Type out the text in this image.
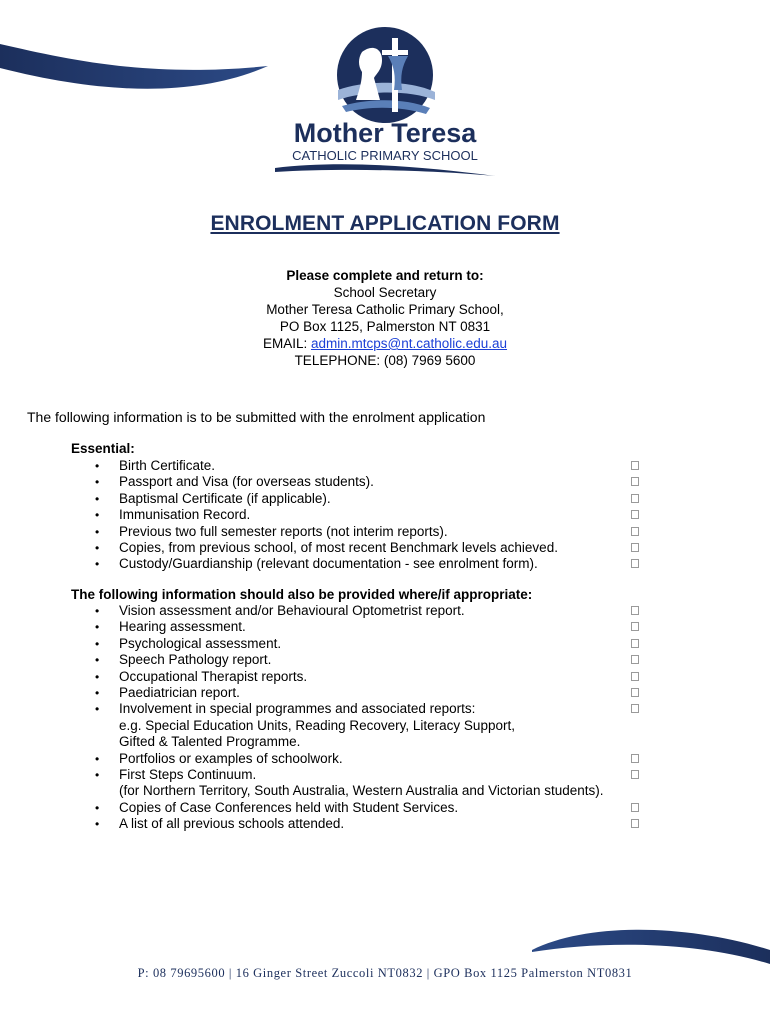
Mother Teresa
CATHOLIC PRIMARY SCHOOL
ENROLMENT APPLICATION FORM
Please complete and return to:
School Secretary
Mother Teresa Catholic Primary School,
PO Box 1125, Palmerston NT 0831
EMAIL: admin.mtcps@nt.catholic.edu.au
TELEPHONE: (08) 7969 5600
The following information is to be submitted with the enrolment application
Essential:
• Birth Certificate.
• Passport and Visa (for overseas students).
• Baptismal Certificate (if applicable).
• Immunisation Record.
• Previous two full semester reports (not interim reports).
• Copies, from previous school, of most recent Benchmark levels achieved.
• Custody/Guardianship (relevant documentation - see enrolment form).
The following information should also be provided where/if appropriate:
• Vision assessment and/or Behavioural Optometrist report.
• Hearing assessment.
• Psychological assessment.
• Speech Pathology report.
• Occupational Therapist reports.
• Paediatrician report.
• Involvement in special programmes and associated reports:
e.g. Special Education Units, Reading Recovery, Literacy Support,
Gifted & Talented Programme.
• Portfolios or examples of schoolwork.
• First Steps Continuum.
(for Northern Territory, South Australia, Western Australia and Victorian students).
• Copies of Case Conferences held with Student Services.
• A list of all previous schools attended.
P: 08 79695600 | 16 Ginger Street Zuccoli NT0832 | GPO Box 1125 Palmerston NT0831
